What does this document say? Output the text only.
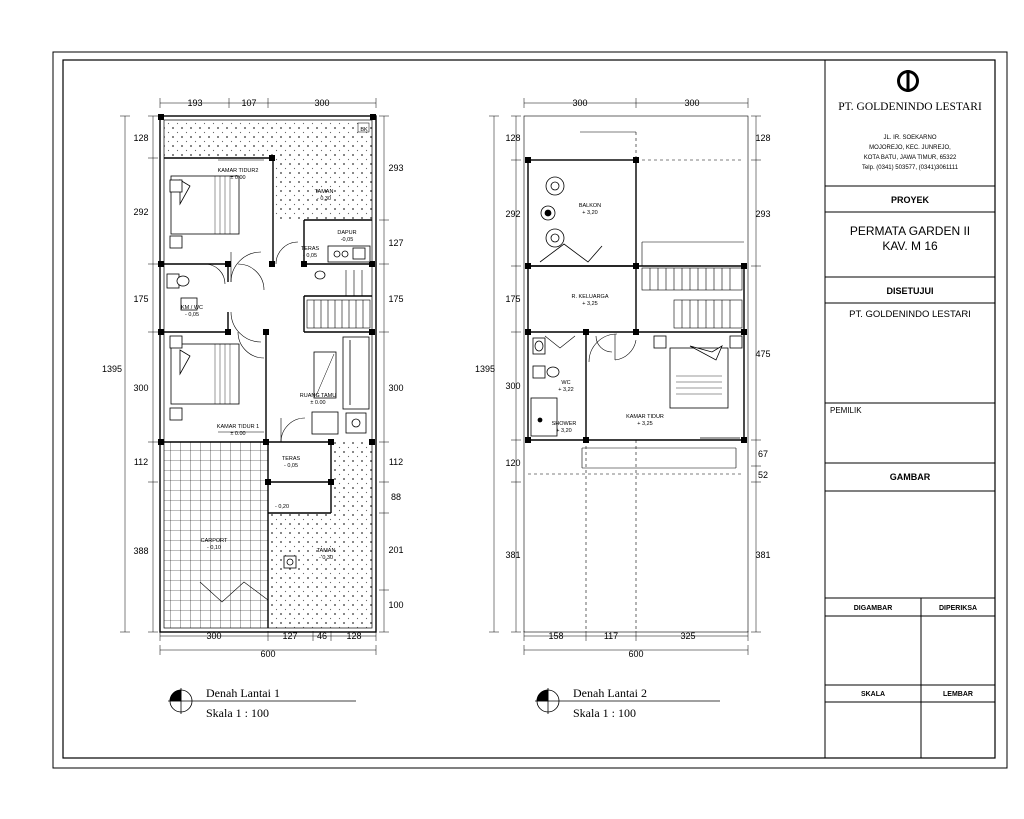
PT. GOLDENINDO LESTARI
JL. IR. SOEKARNO
MOJOREJO, KEC. JUNREJO,
KOTA BATU, JAWA TIMUR, 65322
Telp. (0341) 503577, (0341)3061111
PROYEK
PERMATA GARDEN II
KAV. M 16
DISETUJUI
PT. GOLDENINDO LESTARI
PEMILIK
GAMBAR
DIGAMBAR	DIPERIKSA
SKALA	LEMBAR
BK
KAMAR TIDUR2
± 0.00
TAMAN
- 0,30
DAPUR
-0,05
TERAS
- 0,05
KM / WC
- 0,05
RUANG TAMU
± 0.00
KAMAR TIDUR 1
± 0.00
TERAS
- 0,05
- 0,20
CARPORT
- 0,10	TAMAN
- 0,30
193	107	300
128
292
175
300
112
388
1395
293
127
175
300
112
88
201
100
300	127 46 128
600
Denah Lantai 1
Skala 1 : 100
BALKON
+ 3,20
R. KELUARGA
+ 3,25
WC
+ 3,22
SHOWER
+ 3,20
KAMAR TIDUR
+ 3,25
300	300
128
292
175
300
120
381
1395
128
293
475
67
52
381
158	117	325
600
Denah Lantai 2
Skala 1 : 100
